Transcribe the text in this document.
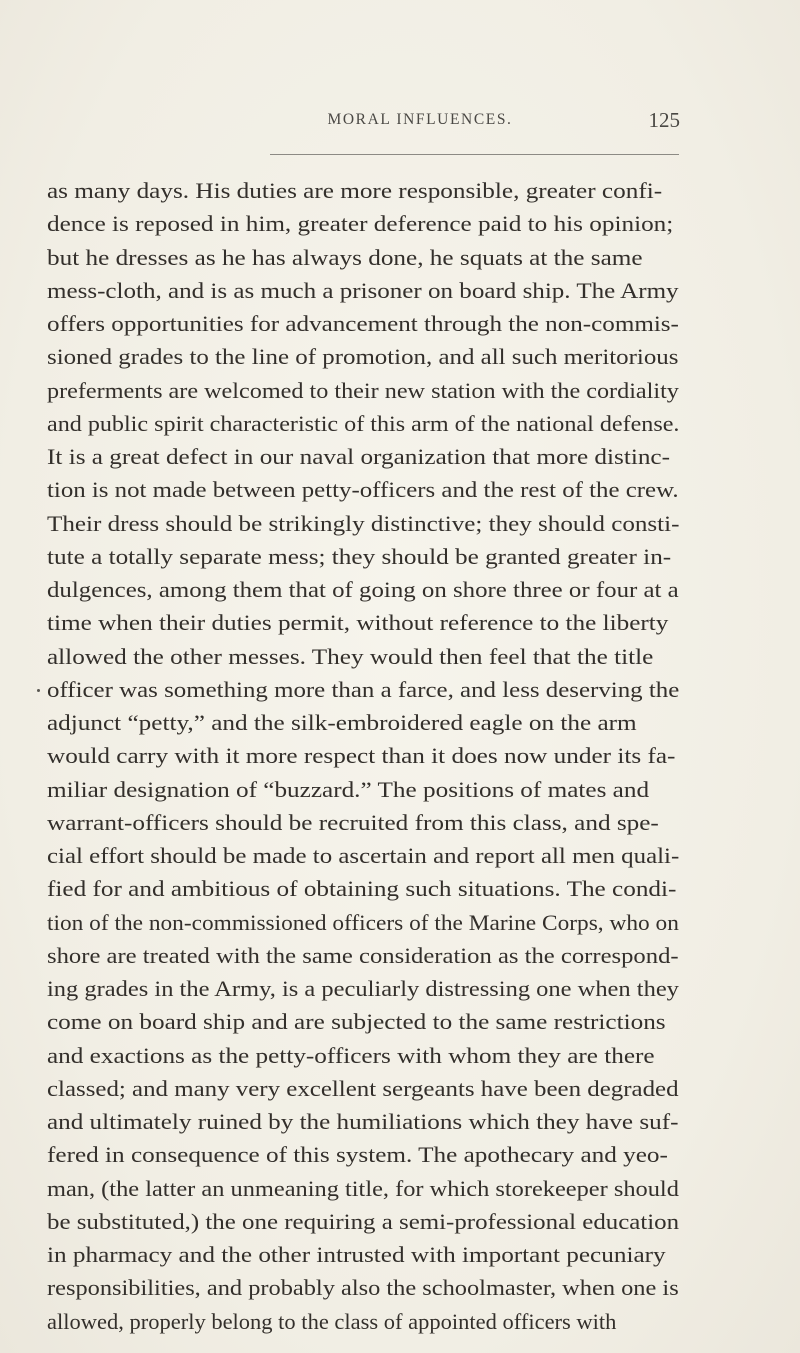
MORAL INFLUENCES.	125
as many days. His duties are more responsible, greater confi-
dence is reposed in him, greater deference paid to his opinion;
but he dresses as he has always done, he squats at the same
mess-cloth, and is as much a prisoner on board ship. The Army
offers opportunities for advancement through the non-commis-
sioned grades to the line of promotion, and all such meritorious
preferments are welcomed to their new station with the cordiality
and public spirit characteristic of this arm of the national defense.
It is a great defect in our naval organization that more distinc-
tion is not made between petty-officers and the rest of the crew.
Their dress should be strikingly distinctive; they should consti-
tute a totally separate mess; they should be granted greater in-
dulgences, among them that of going on shore three or four at a
time when their duties permit, without reference to the liberty
allowed the other messes. They would then feel that the title
officer was something more than a farce, and less deserving the
adjunct “petty,” and the silk-embroidered eagle on the arm
would carry with it more respect than it does now under its fa-
miliar designation of “buzzard.” The positions of mates and
warrant-officers should be recruited from this class, and spe-
cial effort should be made to ascertain and report all men quali-
fied for and ambitious of obtaining such situations. The condi-
tion of the non-commissioned officers of the Marine Corps, who on
shore are treated with the same consideration as the correspond-
ing grades in the Army, is a peculiarly distressing one when they
come on board ship and are subjected to the same restrictions
and exactions as the petty-officers with whom they are there
classed; and many very excellent sergeants have been degraded
and ultimately ruined by the humiliations which they have suf-
fered in consequence of this system. The apothecary and yeo-
man, (the latter an unmeaning title, for which storekeeper should
be substituted,) the one requiring a semi-professional education
in pharmacy and the other intrusted with important pecuniary
responsibilities, and probably also the schoolmaster, when one is
allowed, properly belong to the class of appointed officers with
